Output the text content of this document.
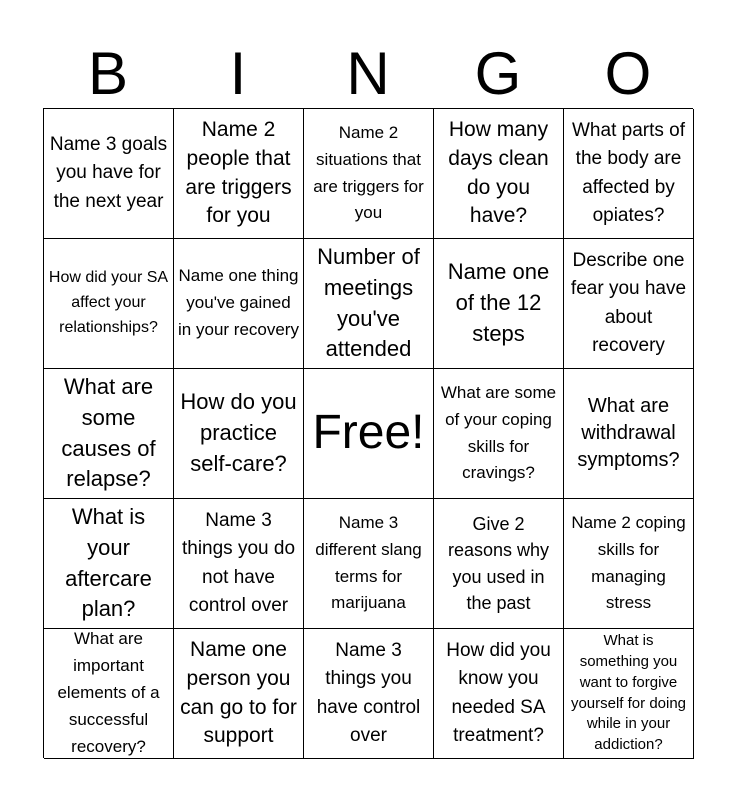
B	I	N	G	O
Name 3 goals you have for the next year
Name 2 people that are triggers for you
Name 2 situations that are triggers for you
How many days clean do you have?
What parts of the body are affected by opiates?
How did your SA affect your relationships?
Name one thing you've gained in your recovery
Number of meetings you've attended
Name one of the 12 steps
Describe one fear you have about recovery
What are some causes of relapse?
How do you practice self-care?
Free!
What are some of your coping skills for cravings?
What are withdrawal symptoms?
What is your aftercare plan?
Name 3 things you do not have control over
Name 3 different slang terms for marijuana
Give 2 reasons why you used in the past
Name 2 coping skills for managing stress
What are important elements of a successful recovery?
Name one person you can go to for support
Name 3 things you have control over
How did you know you needed SA treatment?
What is something you want to forgive yourself for doing while in your addiction?
